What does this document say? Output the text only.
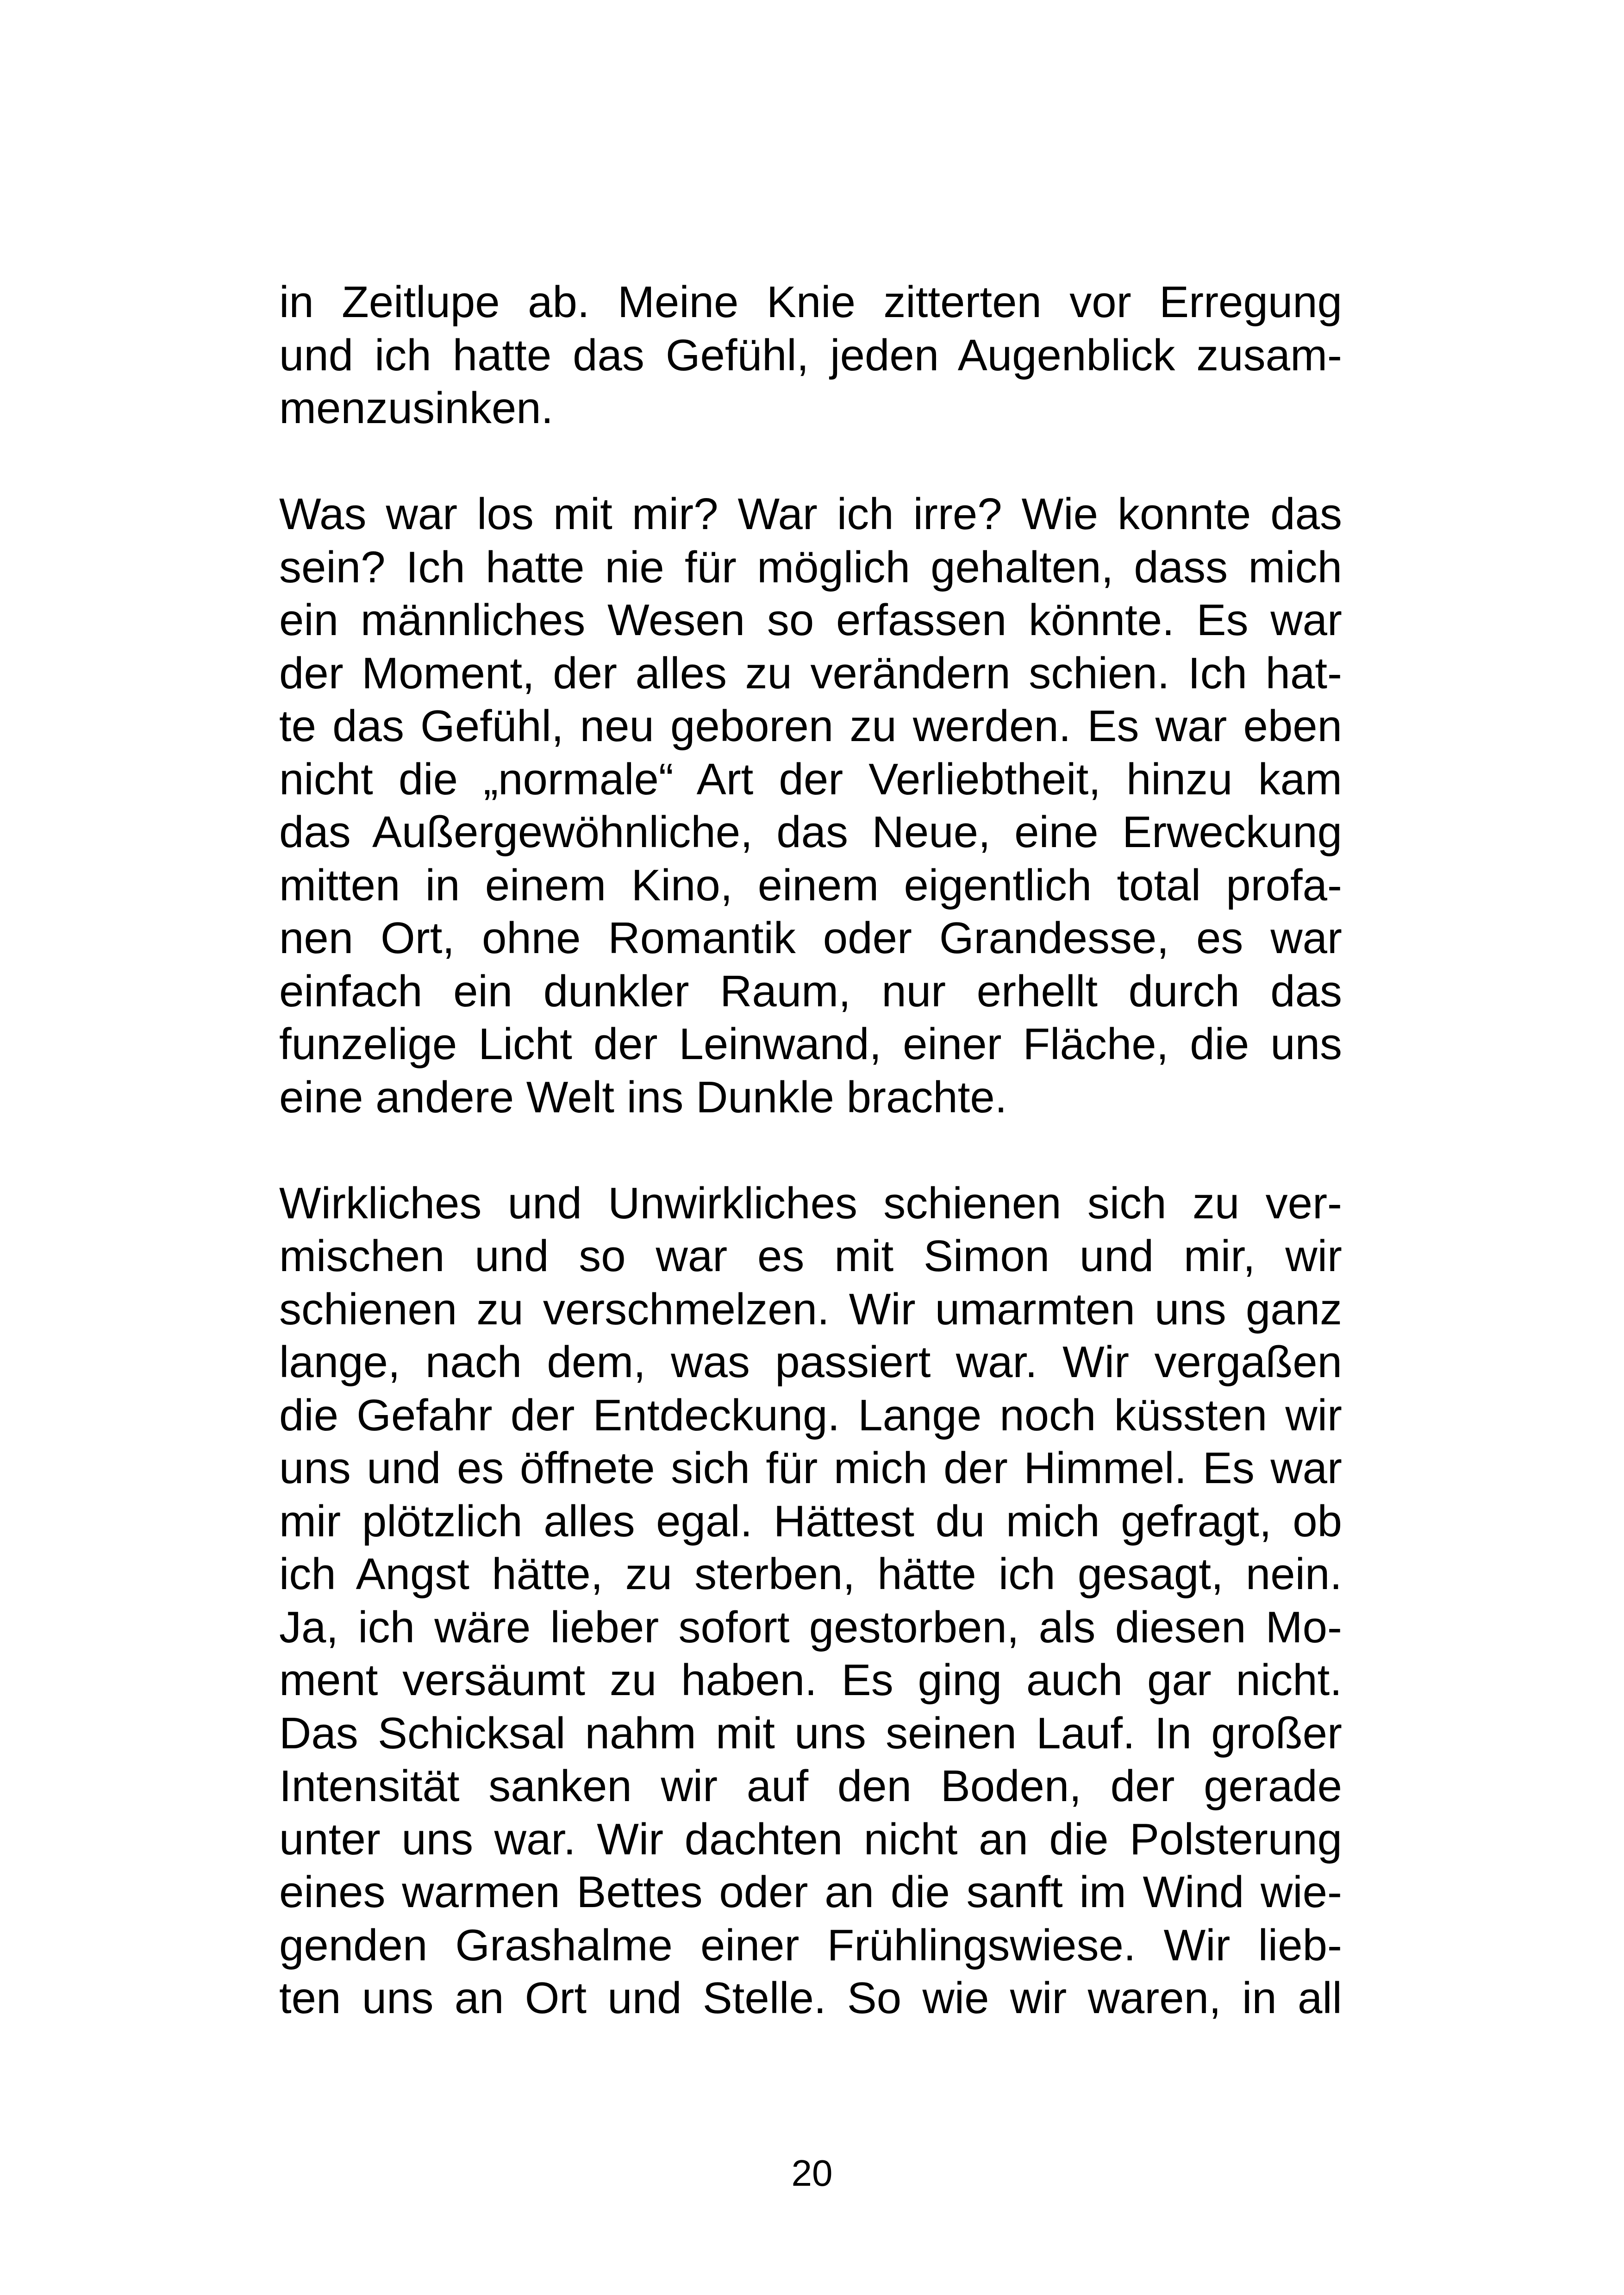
in Zeitlupe ab. Meine Knie zitterten vor Erregung
und ich hatte das Gefühl, jeden Augenblick zusam-
menzusinken.
Was war los mit mir? War ich irre? Wie konnte das
sein? Ich hatte nie für möglich gehalten, dass mich
ein männliches Wesen so erfassen könnte. Es war
der Moment, der alles zu verändern schien. Ich hat-
te das Gefühl, neu geboren zu werden. Es war eben
nicht die „normale“ Art der Verliebtheit, hinzu kam
das Außergewöhnliche, das Neue, eine Erweckung
mitten in einem Kino, einem eigentlich total profa-
nen Ort, ohne Romantik oder Grandesse, es war
einfach ein dunkler Raum, nur erhellt durch das
funzelige Licht der Leinwand, einer Fläche, die uns
eine andere Welt ins Dunkle brachte.
Wirkliches und Unwirkliches schienen sich zu ver-
mischen und so war es mit Simon und mir, wir
schienen zu verschmelzen. Wir umarmten uns ganz
lange, nach dem, was passiert war. Wir vergaßen
die Gefahr der Entdeckung. Lange noch küssten wir
uns und es öffnete sich für mich der Himmel. Es war
mir plötzlich alles egal. Hättest du mich gefragt, ob
ich Angst hätte, zu sterben, hätte ich gesagt, nein.
Ja, ich wäre lieber sofort gestorben, als diesen Mo-
ment versäumt zu haben. Es ging auch gar nicht.
Das Schicksal nahm mit uns seinen Lauf. In großer
Intensität sanken wir auf den Boden, der gerade
unter uns war. Wir dachten nicht an die Polsterung
eines warmen Bettes oder an die sanft im Wind wie-
genden Grashalme einer Frühlingswiese. Wir lieb-
ten uns an Ort und Stelle. So wie wir waren, in all
20
